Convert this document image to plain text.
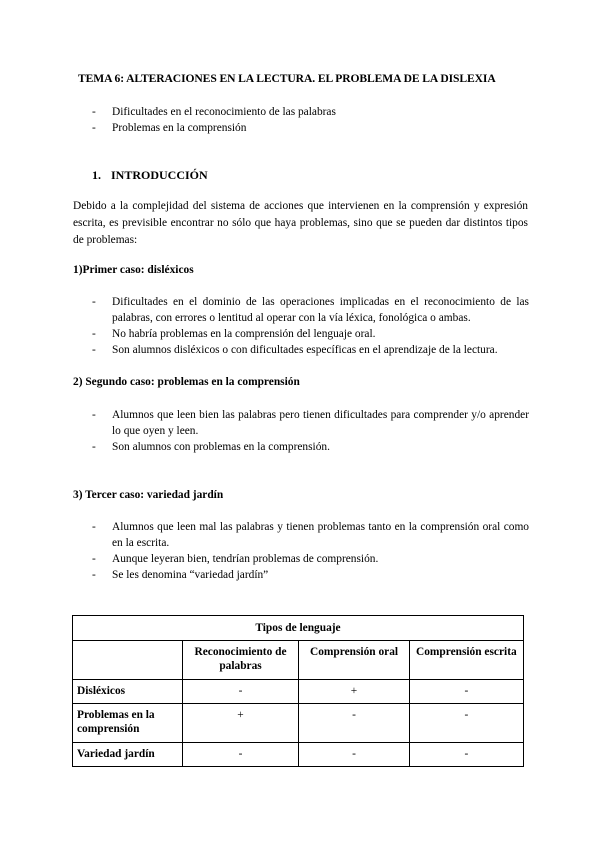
TEMA 6: ALTERACIONES EN LA LECTURA. EL PROBLEMA DE LA DISLEXIA
- Dificultades en el reconocimiento de las palabras
- Problemas en la comprensión
1. INTRODUCCIÓN
Debido a la complejidad del sistema de acciones que intervienen en la comprensión y expresión escrita, es previsible encontrar no sólo que haya problemas, sino que se pueden dar distintos tipos de problemas:
1)Primer caso: disléxicos
- Dificultades en el dominio de las operaciones implicadas en el reconocimiento de las palabras, con errores o lentitud al operar con la vía léxica, fonológica o ambas.
- No habría problemas en la comprensión del lenguaje oral.
- Son alumnos disléxicos o con dificultades específicas en el aprendizaje de la lectura.
2) Segundo caso: problemas en la comprensión
- Alumnos que leen bien las palabras pero tienen dificultades para comprender y/o aprender lo que oyen y leen.
- Son alumnos con problemas en la comprensión.
3) Tercer caso: variedad jardín
- Alumnos que leen mal las palabras y tienen problemas tanto en la comprensión oral como en la escrita.
- Aunque leyeran bien, tendrían problemas de comprensión.
- Se les denomina “variedad jardín”
Tipos de lenguaje			
	Reconocimiento de palabras	Comprensión oral	Comprensión escrita
Disléxicos	-	+	-
Problemas en la comprensión	+	-	-
Variedad jardín	-	-	-
